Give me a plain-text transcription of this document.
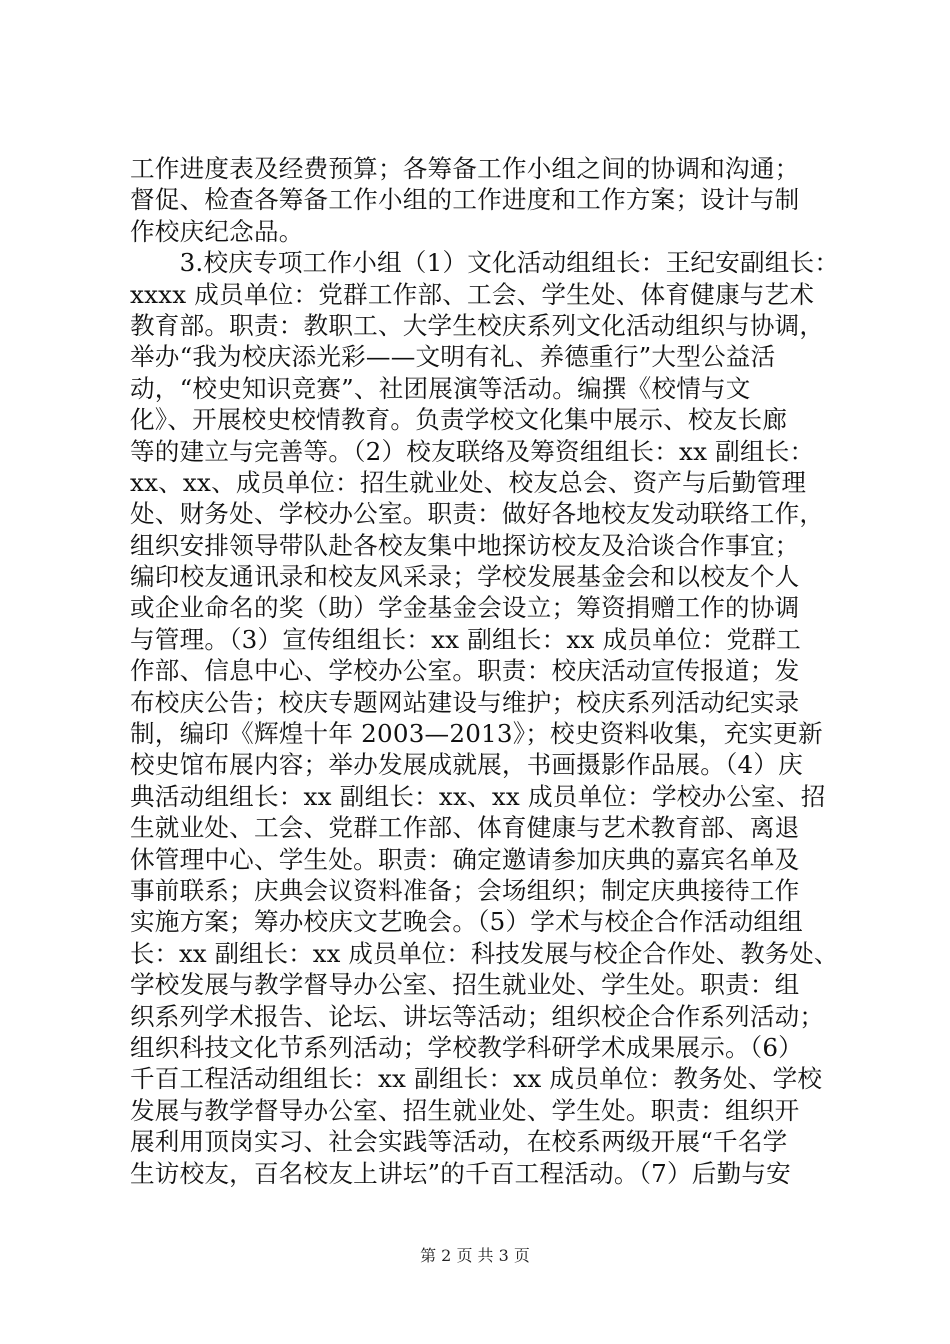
工作进度表及经费预算；各筹备工作小组之间的协调和沟通；
督促、检查各筹备工作小组的工作进度和工作方案；设计与制
作校庆纪念品。
　　3.校庆专项工作小组（1）文化活动组组长：王纪安副组长：
xxxx 成员单位：党群工作部、工会、学生处、体育健康与艺术
教育部。职责：教职工、大学生校庆系列文化活动组织与协调，
举办“我为校庆添光彩——文明有礼、养德重行”大型公益活
动，“校史知识竞赛”、社团展演等活动。编撰《校情与文
化》、开展校史校情教育。负责学校文化集中展示、校友长廊
等的建立与完善等。（2）校友联络及筹资组组长：xx 副组长：
xx、xx、成员单位：招生就业处、校友总会、资产与后勤管理
处、财务处、学校办公室。职责：做好各地校友发动联络工作，
组织安排领导带队赴各校友集中地探访校友及洽谈合作事宜；
编印校友通讯录和校友风采录；学校发展基金会和以校友个人
或企业命名的奖（助）学金基金会设立；筹资捐赠工作的协调
与管理。（3）宣传组组长：xx 副组长：xx 成员单位：党群工
作部、信息中心、学校办公室。职责：校庆活动宣传报道；发
布校庆公告；校庆专题网站建设与维护；校庆系列活动纪实录
制，编印《辉煌十年 2003—2013》；校史资料收集，充实更新
校史馆布展内容；举办发展成就展，书画摄影作品展。（4）庆
典活动组组长：xx 副组长：xx、xx 成员单位：学校办公室、招
生就业处、工会、党群工作部、体育健康与艺术教育部、离退
休管理中心、学生处。职责：确定邀请参加庆典的嘉宾名单及
事前联系；庆典会议资料准备；会场组织；制定庆典接待工作
实施方案；筹办校庆文艺晚会。（5）学术与校企合作活动组组
长：xx 副组长：xx 成员单位：科技发展与校企合作处、教务处、
学校发展与教学督导办公室、招生就业处、学生处。职责：组
织系列学术报告、论坛、讲坛等活动；组织校企合作系列活动；
组织科技文化节系列活动；学校教学科研学术成果展示。（6）
千百工程活动组组长：xx 副组长：xx 成员单位：教务处、学校
发展与教学督导办公室、招生就业处、学生处。职责：组织开
展利用顶岗实习、社会实践等活动，在校系两级开展“千名学
生访校友，百名校友上讲坛”的千百工程活动。（7）后勤与安
第 2 页 共 3 页
